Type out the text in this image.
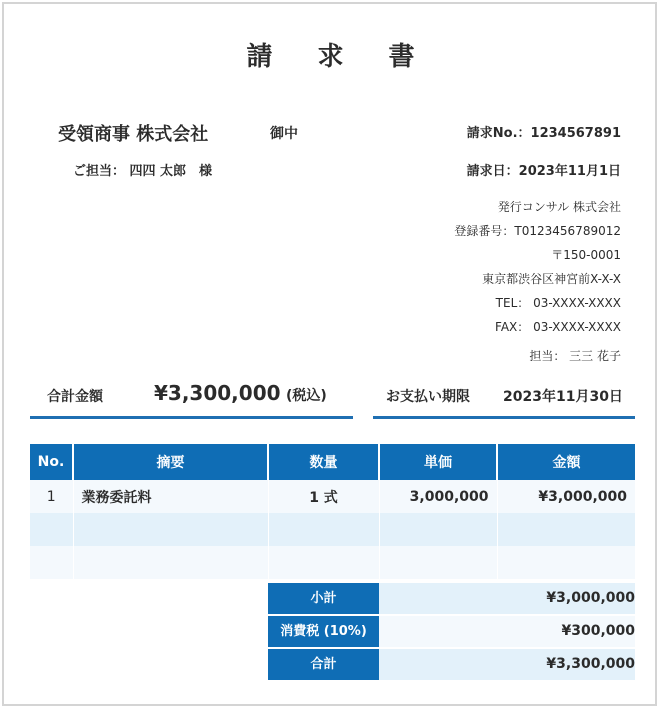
請 求 書
受領商事 株式会社	御中
ご担当： 四四 太郎　様
請求No.：1234567891
請求日：2023年11月1日
発行コンサル 株式会社
登録番号：T0123456789012
〒150-0001
東京都渋谷区神宮前X-X-X
TEL： 03-XXXX-XXXX
FAX： 03-XXXX-XXXX
担当： 三三 花子
合計金額	¥3,300,000 (税込)	お支払い期限 2023年11月30日
No.	摘要	数量	単価	金額
1	業務委託料	1 式	3,000,000	¥3,000,000

小計	¥3,000,000
消費税 (10%)	¥300,000
合計	¥3,300,000
